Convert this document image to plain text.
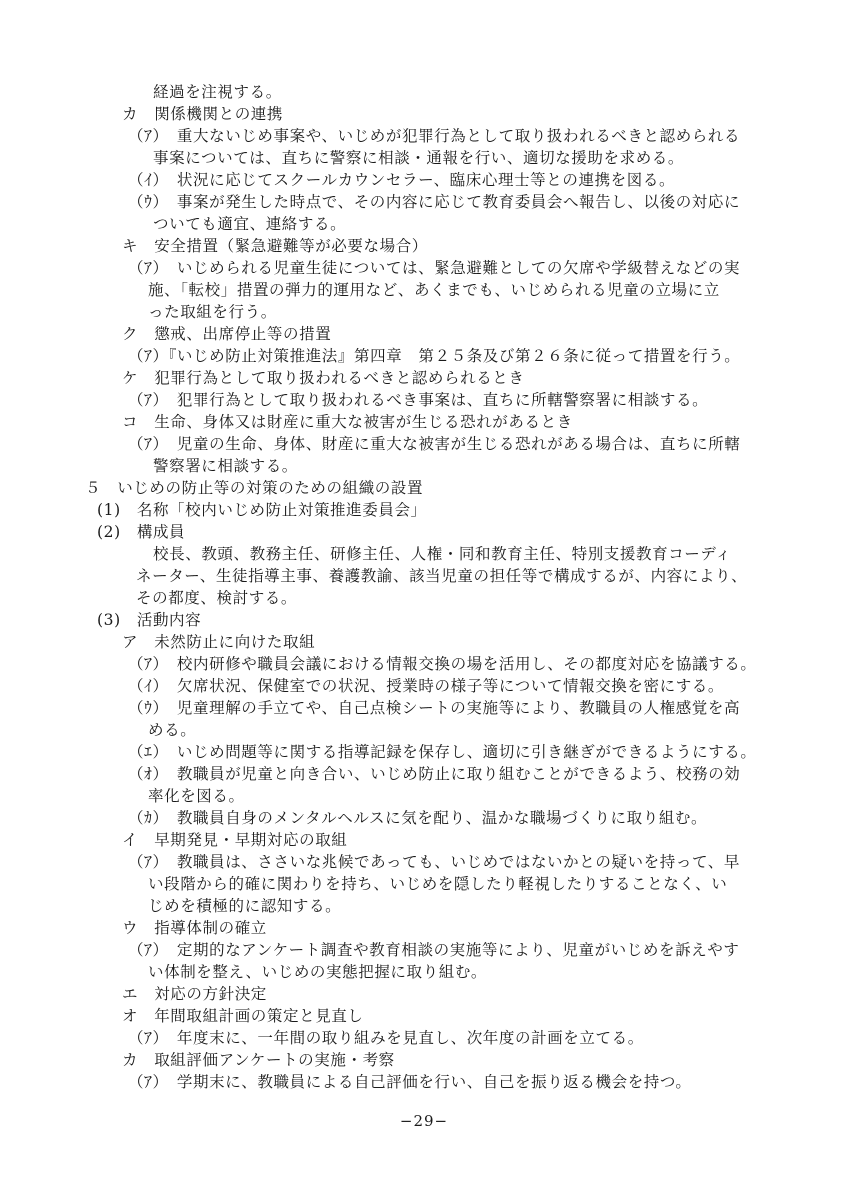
経過を注視する。
カ　関係機関との連携
（ｱ）　重大ないじめ事案や、いじめが犯罪行為として取り扱われるべきと認められる
事案については、直ちに警察に相談・通報を行い、適切な援助を求める。
（ｲ）　状況に応じてスクールカウンセラー、臨床心理士等との連携を図る。
（ｳ）　事案が発生した時点で、その内容に応じて教育委員会へ報告し、以後の対応に
ついても適宜、連絡する。
キ　安全措置（緊急避難等が必要な場合）
（ｱ）　いじめられる児童生徒については、緊急避難としての欠席や学級替えなどの実
施、「転校」措置の弾力的運用など、あくまでも、いじめられる児童の立場に立
った取組を行う。
ク　懲戒、出席停止等の措置
（ｱ）『いじめ防止対策推進法』第四章　第２５条及び第２６条に従って措置を行う。
ケ　犯罪行為として取り扱われるべきと認められるとき
（ｱ）　犯罪行為として取り扱われるべき事案は、直ちに所轄警察署に相談する。
コ　生命、身体又は財産に重大な被害が生じる恐れがあるとき
（ｱ）　児童の生命、身体、財産に重大な被害が生じる恐れがある場合は、直ちに所轄
警察署に相談する。
５　いじめの防止等の対策のための組織の設置
(1)　名称「校内いじめ防止対策推進委員会」
(2)　構成員
校長、教頭、教務主任、研修主任、人権・同和教育主任、特別支援教育コーディ
ネーター、生徒指導主事、養護教諭、該当児童の担任等で構成するが、内容により、
その都度、検討する。
(3)　活動内容
ア　未然防止に向けた取組
（ｱ）　校内研修や職員会議における情報交換の場を活用し、その都度対応を協議する。
（ｲ）　欠席状況、保健室での状況、授業時の様子等について情報交換を密にする。
（ｳ）　児童理解の手立てや、自己点検シートの実施等により、教職員の人権感覚を高
める。
（ｴ）　いじめ問題等に関する指導記録を保存し、適切に引き継ぎができるようにする。
（ｵ）　教職員が児童と向き合い、いじめ防止に取り組むことができるよう、校務の効
率化を図る。
（ｶ）　教職員自身のメンタルヘルスに気を配り、温かな職場づくりに取り組む。
イ　早期発見・早期対応の取組
（ｱ）　教職員は、ささいな兆候であっても、いじめではないかとの疑いを持って、早
い段階から的確に関わりを持ち、いじめを隠したり軽視したりすることなく、い
じめを積極的に認知する。
ウ　指導体制の確立
（ｱ）　定期的なアンケート調査や教育相談の実施等により、児童がいじめを訴えやす
い体制を整え、いじめの実態把握に取り組む。
エ　対応の方針決定
オ　年間取組計画の策定と見直し
（ｱ）　年度末に、一年間の取り組みを見直し、次年度の計画を立てる。
カ　取組評価アンケートの実施・考察
（ｱ）　学期末に、教職員による自己評価を行い、自己を振り返る機会を持つ。
−29−
